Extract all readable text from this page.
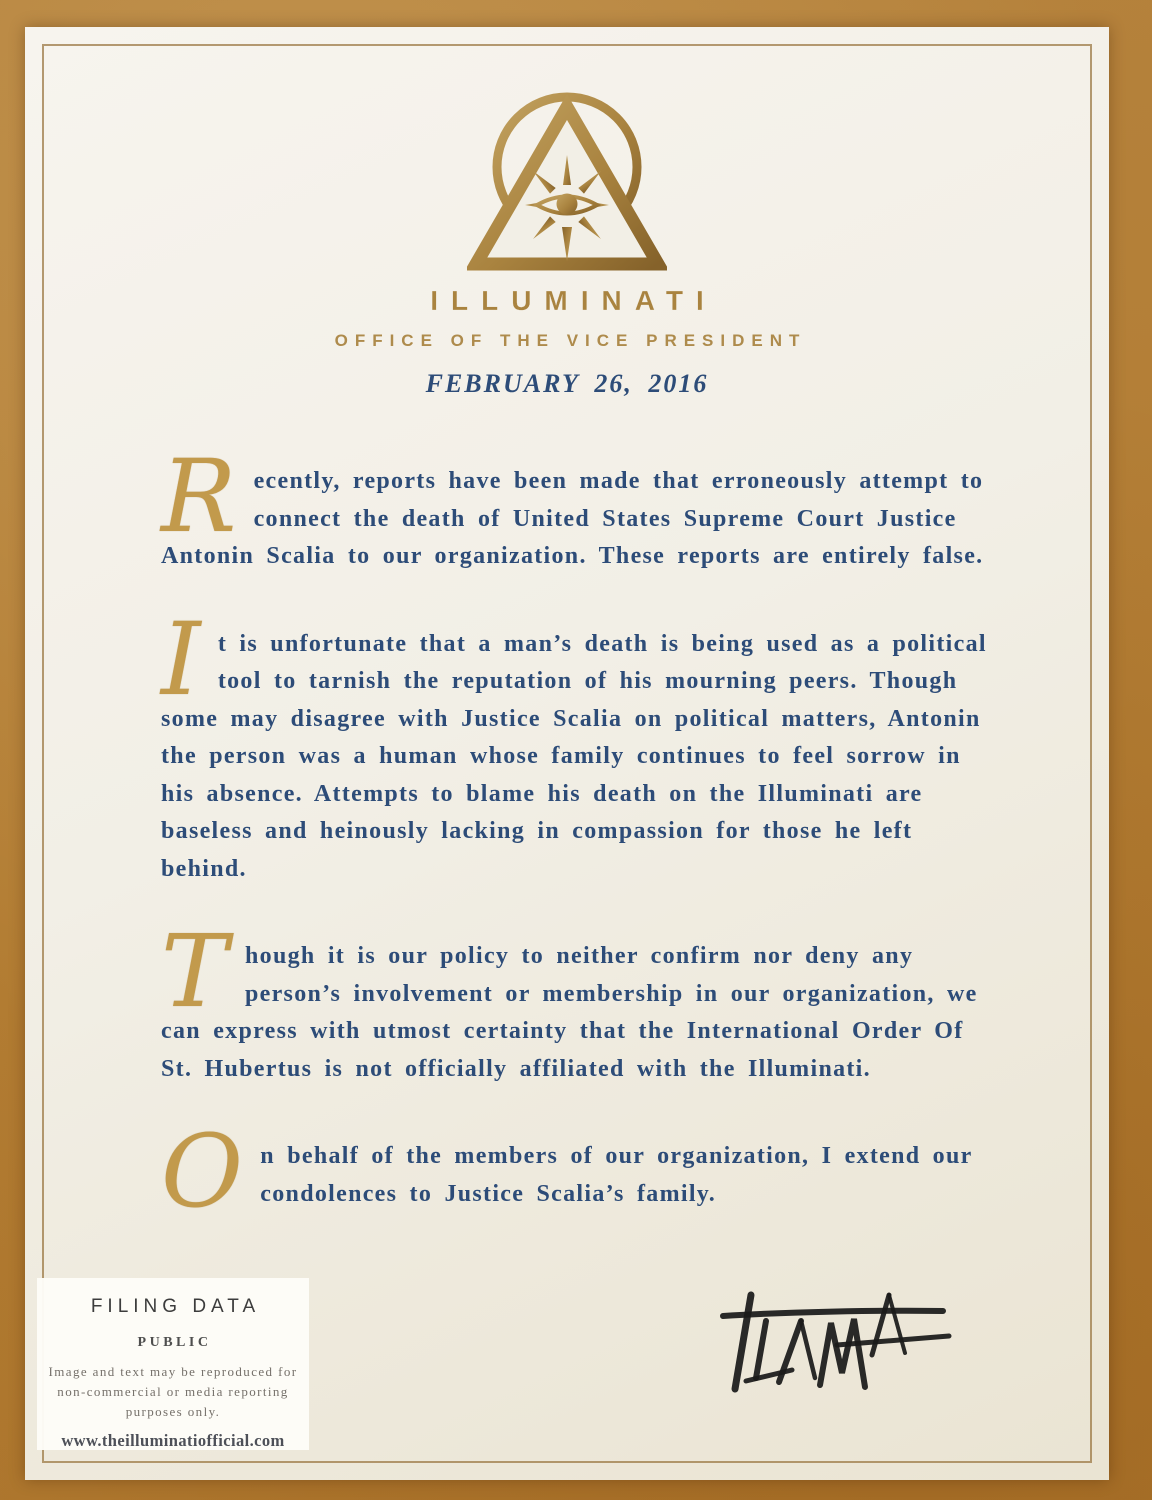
ILLUMINATI
OFFICE OF THE VICE PRESIDENT
FEBRUARY 26, 2016

Recently, reports have been made that erroneously attempt to connect the death of United States Supreme Court Justice Antonin Scalia to our organization. These reports are entirely false.

It is unfortunate that a man’s death is being used as a political tool to tarnish the reputation of his mourning peers. Though some may disagree with Justice Scalia on political matters, Antonin the person was a human whose family continues to feel sorrow in his absence. Attempts to blame his death on the Illuminati are baseless and heinously lacking in compassion for those he left behind.

Though it is our policy to neither confirm nor deny any person’s involvement or membership in our organization, we can express with utmost certainty that the International Order Of St. Hubertus is not officially affiliated with the Illuminati.

On behalf of the members of our organization, I extend our condolences to Justice Scalia’s family.

FILING DATA
PUBLIC
Image and text may be reproduced for non-commercial or media reporting purposes only.
www.theilluminatiofficial.com
